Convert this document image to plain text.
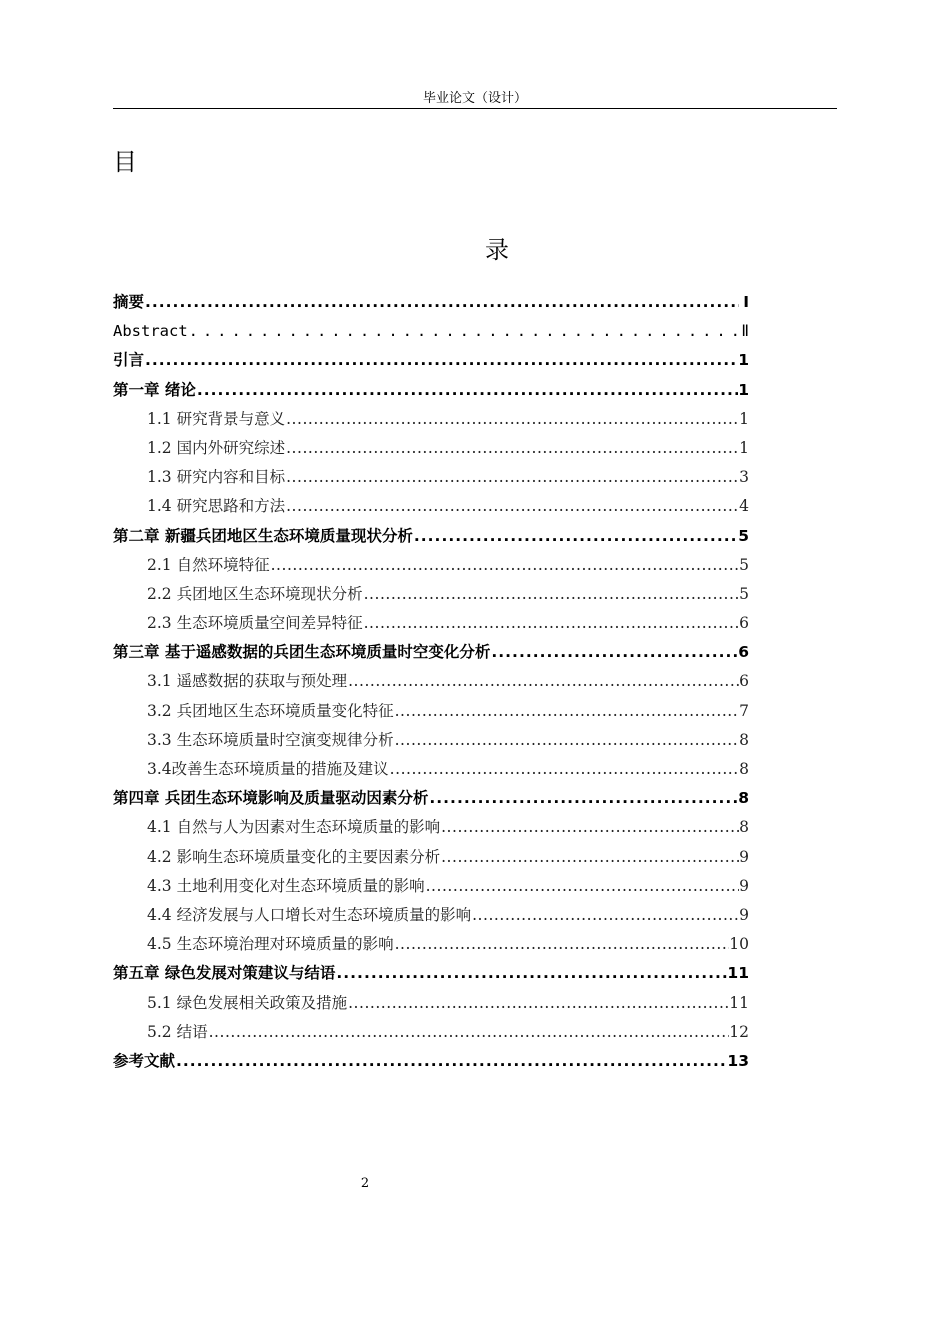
毕业论文（设计）
目
录
摘要 . . .	Ⅰ
Abstract . . .	Ⅱ
引言 . . .	1
第一章 绪论 . . .	1
1.1 研究背景与意义 . . .	1
1.2 国内外研究综述 . . .	1
1.3 研究内容和目标 . . .	3
1.4 研究思路和方法 . . .	4
第二章 新疆兵团地区生态环境质量现状分析 . . .	5
2.1 自然环境特征 . . .	5
2.2 兵团地区生态环境现状分析 . . .	5
2.3 生态环境质量空间差异特征 . . .	6
第三章 基于遥感数据的兵团生态环境质量时空变化分析 . . .	6
3.1 遥感数据的获取与预处理 . . .	6
3.2 兵团地区生态环境质量变化特征 . . .	7
3.3 生态环境质量时空演变规律分析 . . .	8
3.4改善生态环境质量的措施及建议 . . .	8
第四章 兵团生态环境影响及质量驱动因素分析 . . .	8
4.1 自然与人为因素对生态环境质量的影响 . . .	8
4.2 影响生态环境质量变化的主要因素分析 . . .	9
4.3 土地利用变化对生态环境质量的影响 . . .	9
4.4 经济发展与人口增长对生态环境质量的影响 . . .	9
4.5 生态环境治理对环境质量的影响 . . .	10
第五章 绿色发展对策建议与结语 . . .	11
5.1 绿色发展相关政策及措施 . . .	11
5.2 结语 . . .	12
参考文献 . . .	13
2
